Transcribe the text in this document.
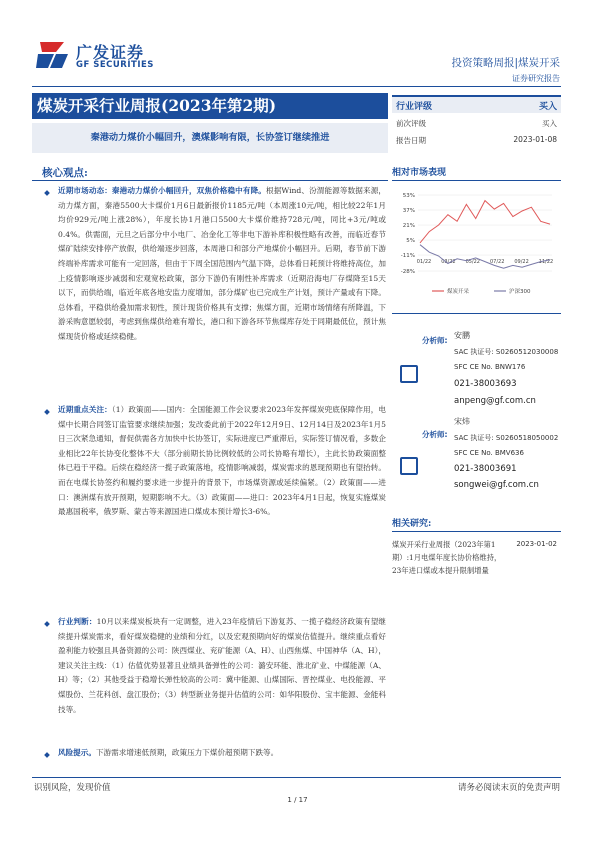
广发证券
GF SECURITIES	投资策略周报|煤炭开采
证券研究报告
煤炭开采行业周报(2023年第2期)
秦港动力煤价小幅回升，澳煤影响有限，长协签订继续推进
行业评级	买入
前次评级	买入
报告日期	2023-01-08
核心观点:
近期市场动态：秦港动力煤价小幅回升，双焦价格稳中有降。根据Wind、汾渭能源等数据来源，动力煤方面，秦港5500大卡煤价1月6日最新报价1185元/吨（本周涨10元/吨，相比较22年1月均价929元/吨上涨28%），年度长协1月港口5500大卡煤价维持728元/吨，同比+3元/吨或0.4%。供需面，元旦之后部分中小电厂、冶金化工等非电下游补库积极性略有改善，而临近春节煤矿陆续安排停产放假，供给端逐步回落，本周港口和部分产地煤价小幅回升。后期，春节前下游终端补库需求可能有一定回落，但由于下周全国范围内气温下降，总体看日耗预计将维持高位，加上疫情影响逐步减弱和宏观宽松政策，部分下游仍有刚性补库需求（近期沿海电厂存煤降至15天以下，而供给端，临近年底各地安监力度增加，部分煤矿也已完成生产计划，预计产量或有下降。总体看，平稳供给叠加需求韧性，预计现货价格具有支撑；焦煤方面，近期市场情绪有所降温，下游采购意愿较弱，考虑到焦煤供给难有增长，港口和下游各环节焦煤库存处于同期最低位，预计焦煤现货价格或延续稳健。
近期重点关注：（1）政策面——国内：全国能源工作会议要求2023年发挥煤炭兜底保障作用，电煤中长期合同签订监管要求继续加强；发改委此前于2022年12月9日、12月14日及2023年1月5日三次紧急通知，督促供需各方加快中长协签订，实际进度已严重滞后，实际签订情况看，多数企业相比22年长协变化整体不大（部分前期长协比例较低的公司长协略有增长），主此长协政策面整体已趋于平稳。后续在稳经济一揽子政策落地，疫情影响减弱，煤炭需求的恩现预期也有望抬转。而在电煤长协签约和履约要求进一步提升的背景下，市场煤资源或延续偏紧。（2）政策面——进口：澳洲煤有放开预期，短期影响不大。（3）政策面——进口：2023年4月1日起，恢复实施煤炭最惠国税率，俄罗斯、蒙古等来源国进口煤成本预计增长3-6%。
行业判断：10月以来煤炭板块有一定调整，进入23年疫情后下游复苏、一揽子稳经济政策有望继续提升煤炭需求，看好煤炭稳健的业绩和分红，以及宏观预期向好的煤炭估值提升。继续重点看好盈利能力较强且具备资源的公司：陕西煤业、兖矿能源（A、H）、山西焦煤、中国神华（A、H），建议关注主线：（1）估值优势显著且业绩具备弹性的公司：潞安环能、淮北矿业、中煤能源（A、H）等；（2）其他受益于稳增长弹性较高的公司：冀中能源、山煤国际、晋控煤业、电投能源、平煤股份、兰花科创、盘江股份；（3）转型新业务提升估值的公司：如华阳股份、宝丰能源、金能科技等。
风险提示。下游需求增速低预期，政策压力下煤价超预期下跌等。
相对市场表现
53%
37%
21%
5%
-11%
-28%
01/22 03/22 05/22 07/22 09/22 11/22
煤炭开采	沪深300
分析师:
安鹏
SAC 执证号: S0260512030008
SFC CE No. BNW176
021-38003693
anpeng@gf.com.cn
分析师:
宋炜
SAC 执证号: S0260518050002
SFC CE No. BMV636
021-38003691
songwei@gf.com.cn
相关研究:
煤炭开采行业周报（2023年第1期）:1月电煤年度长协价格维持，23年进口煤或本提升限制增量
2023-01-02
识别风险，发现价值	请务必阅读末页的免责声明
1 / 17
